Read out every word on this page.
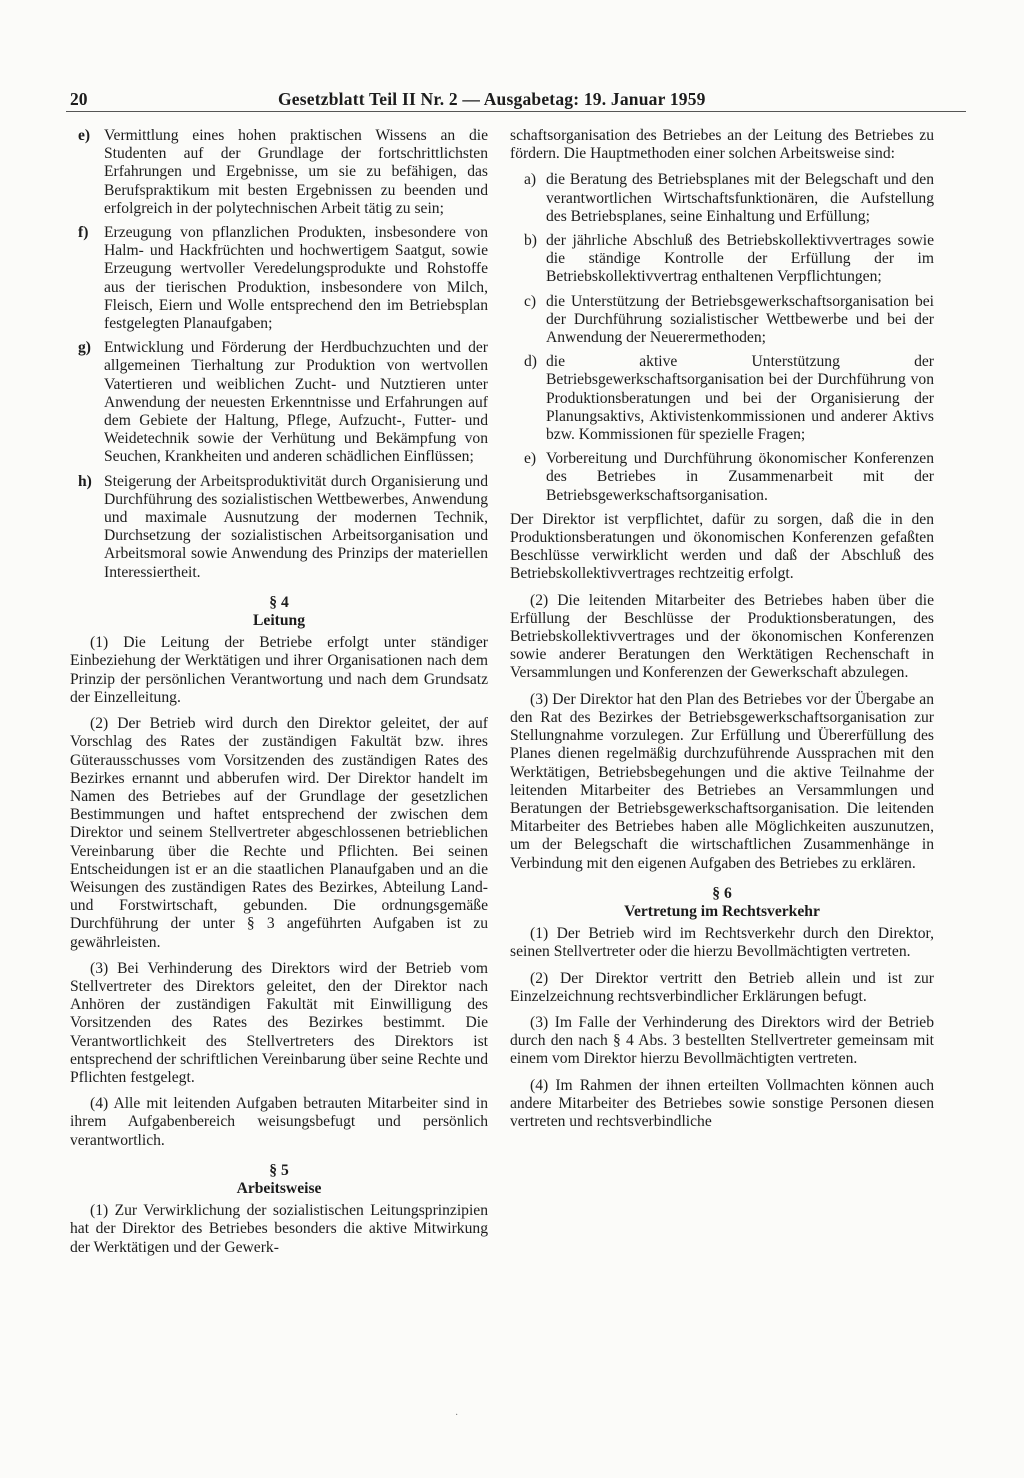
20	Gesetzblatt Teil II Nr. 2 — Ausgabetag: 19. Januar 1959
e) Vermittlung eines hohen praktischen Wissens an die Studenten auf der Grundlage der fortschrittlichsten Erfahrungen und Ergebnisse, um sie zu befähigen, das Berufspraktikum mit besten Ergebnissen zu beenden und erfolgreich in der polytechnischen Arbeit tätig zu sein;
f) Erzeugung von pflanzlichen Produkten, insbesondere von Halm- und Hackfrüchten und hochwertigem Saatgut, sowie Erzeugung wertvoller Veredelungsprodukte und Rohstoffe aus der tierischen Produktion, insbesondere von Milch, Fleisch, Eiern und Wolle entsprechend den im Betriebsplan festgelegten Planaufgaben;
g) Entwicklung und Förderung der Herdbuchzuchten und der allgemeinen Tierhaltung zur Produktion von wertvollen Vatertieren und weiblichen Zucht- und Nutztieren unter Anwendung der neuesten Erkenntnisse und Erfahrungen auf dem Gebiete der Haltung, Pflege, Aufzucht-, Futter- und Weidetechnik sowie der Verhütung und Bekämpfung von Seuchen, Krankheiten und anderen schädlichen Einflüssen;
h) Steigerung der Arbeitsproduktivität durch Organisierung und Durchführung des sozialistischen Wettbewerbes, Anwendung und maximale Ausnutzung der modernen Technik, Durchsetzung der sozialistischen Arbeitsorganisation und Arbeitsmoral sowie Anwendung des Prinzips der materiellen Interessiertheit.
§ 4
Leitung

(1) Die Leitung der Betriebe erfolgt unter ständiger Einbeziehung der Werktätigen und ihrer Organisationen nach dem Prinzip der persönlichen Verantwortung und nach dem Grundsatz der Einzelleitung.

(2) Der Betrieb wird durch den Direktor geleitet, der auf Vorschlag des Rates der zuständigen Fakultät bzw. ihres Güterausschusses vom Vorsitzenden des zuständigen Rates des Bezirkes ernannt und abberufen wird. Der Direktor handelt im Namen des Betriebes auf der Grundlage der gesetzlichen Bestimmungen und haftet entsprechend der zwischen dem Direktor und seinem Stellvertreter abgeschlossenen betrieblichen Vereinbarung über die Rechte und Pflichten. Bei seinen Entscheidungen ist er an die staatlichen Planaufgaben und an die Weisungen des zuständigen Rates des Bezirkes, Abteilung Land- und Forstwirtschaft, gebunden. Die ordnungsgemäße Durchführung der unter § 3 angeführten Aufgaben ist zu gewährleisten.

(3) Bei Verhinderung des Direktors wird der Betrieb vom Stellvertreter des Direktors geleitet, den der Direktor nach Anhören der zuständigen Fakultät mit Einwilligung des Vorsitzenden des Rates des Bezirkes bestimmt. Die Verantwortlichkeit des Stellvertreters des Direktors ist entsprechend der schriftlichen Vereinbarung über seine Rechte und Pflichten festgelegt.

(4) Alle mit leitenden Aufgaben betrauten Mitarbeiter sind in ihrem Aufgabenbereich weisungsbefugt und persönlich verantwortlich.

§ 5
Arbeitsweise

(1) Zur Verwirklichung der sozialistischen Leitungsprinzipien hat der Direktor des Betriebes besonders die aktive Mitwirkung der Werktätigen und der Gewerk-

schaftsorganisation des Betriebes an der Leitung des Betriebes zu fördern. Die Hauptmethoden einer solchen Arbeitsweise sind:

a) die Beratung des Betriebsplanes mit der Belegschaft und den verantwortlichen Wirtschaftsfunktionären, die Aufstellung des Betriebsplanes, seine Einhaltung und Erfüllung;
b) der jährliche Abschluß des Betriebskollektivvertrages sowie die ständige Kontrolle der Erfüllung der im Betriebskollektivvertrag enthaltenen Verpflichtungen;
c) die Unterstützung der Betriebsgewerkschaftsorganisation bei der Durchführung sozialistischer Wettbewerbe und bei der Anwendung der Neuerermethoden;
d) die aktive Unterstützung der Betriebsgewerkschaftsorganisation bei der Durchführung von Produktionsberatungen und bei der Organisierung der Planungsaktivs, Aktivistenkommissionen und anderer Aktivs bzw. Kommissionen für spezielle Fragen;
e) Vorbereitung und Durchführung ökonomischer Konferenzen des Betriebes in Zusammenarbeit mit der Betriebsgewerkschaftsorganisation.

Der Direktor ist verpflichtet, dafür zu sorgen, daß die in den Produktionsberatungen und ökonomischen Konferenzen gefaßten Beschlüsse verwirklicht werden und daß der Abschluß des Betriebskollektivvertrages rechtzeitig erfolgt.

(2) Die leitenden Mitarbeiter des Betriebes haben über die Erfüllung der Beschlüsse der Produktionsberatungen, des Betriebskollektivvertrages und der ökonomischen Konferenzen sowie anderer Beratungen den Werktätigen Rechenschaft in Versammlungen und Konferenzen der Gewerkschaft abzulegen.

(3) Der Direktor hat den Plan des Betriebes vor der Übergabe an den Rat des Bezirkes der Betriebsgewerkschaftsorganisation zur Stellungnahme vorzulegen. Zur Erfüllung und Übererfüllung des Planes dienen regelmäßig durchzuführende Aussprachen mit den Werktätigen, Betriebsbegehungen und die aktive Teilnahme der leitenden Mitarbeiter des Betriebes an Versammlungen und Beratungen der Betriebsgewerkschaftsorganisation. Die leitenden Mitarbeiter des Betriebes haben alle Möglichkeiten auszunutzen, um der Belegschaft die wirtschaftlichen Zusammenhänge in Verbindung mit den eigenen Aufgaben des Betriebes zu erklären.

§ 6
Vertretung im Rechtsverkehr

(1) Der Betrieb wird im Rechtsverkehr durch den Direktor, seinen Stellvertreter oder die hierzu Bevollmächtigten vertreten.

(2) Der Direktor vertritt den Betrieb allein und ist zur Einzelzeichnung rechtsverbindlicher Erklärungen befugt.

(3) Im Falle der Verhinderung des Direktors wird der Betrieb durch den nach § 4 Abs. 3 bestellten Stellvertreter gemeinsam mit einem vom Direktor hierzu Bevollmächtigten vertreten.

(4) Im Rahmen der ihnen erteilten Vollmachten können auch andere Mitarbeiter des Betriebes sowie sonstige Personen diesen vertreten und rechtsverbindliche

·
